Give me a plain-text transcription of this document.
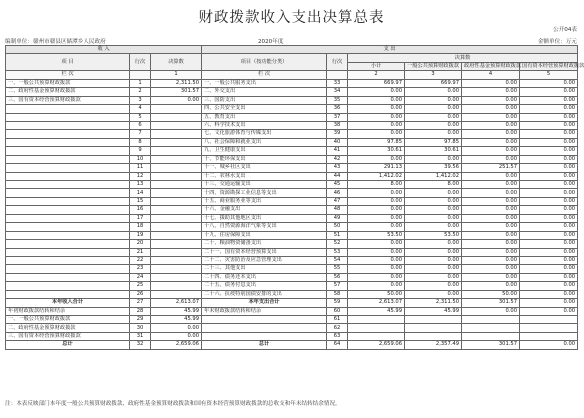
财政拨款收入支出决算总表
公开04表
编制单位：赣州市赣县区储潭乡人民政府	2020年度	金额单位：万元
收 入			支 出					
项 目	行次	决算数	项目（按功能分类）	行次	决算数			
					小计	一般公共预算财政拨款	政府性基金预算财政拨款	国有资本经营预算财政拨款

栏 次		1	栏 次		2	3	4	5
一、一般公共预算财政拨款	1	2,311.50	一、一般公共服务支出	33	669.97	669.97	0.00	0.00
二、政府性基金预算财政拨款	2	301.57	二、外交支出	34	0.00	0.00	0.00	0.00
三、国有资本经营预算财政拨款	3	0.00	三、国防支出	35	0.00	0.00	0.00	0.00
	4		四、公共安全支出	36	0.00	0.00	0.00	0.00
	5		五、教育支出	37	0.00	0.00	0.00	0.00
	6		六、科学技术支出	38	0.00	0.00	0.00	0.00
	7		七、文化旅游体育与传媒支出	39	0.00	0.00	0.00	0.00
	8		八、社会保障和就业支出	40	97.85	97.85	0.00	0.00
	9		九、卫生健康支出	41	30.61	30.61	0.00	0.00
	10		十、节能环保支出	42	0.00	0.00	0.00	0.00
	11		十一、城乡社区支出	43	291.13	39.56	251.57	0.00
	12		十二、农林水支出	44	1,412.02	1,412.02	0.00	0.00
	13		十三、交通运输支出	45	8.00	8.00	0.00	0.00
	14		十四、资源勘探工业信息等支出	46	0.00	0.00	0.00	0.00
	15		十五、商业服务业等支出	47	0.00	0.00	0.00	0.00
	16		十六、金融支出	48	0.00	0.00	0.00	0.00
	17		十七、援助其他地区支出	49	0.00	0.00	0.00	0.00
	18		十八、自然资源海洋气象等支出	50	0.00	0.00	0.00	0.00
	19		十九、住房保障支出	51	53.50	53.50	0.00	0.00
	20		二十、粮油物资储备支出	52	0.00	0.00	0.00	0.00
	21		二十一、国有资本经营预算支出	53	0.00	0.00	0.00	0.00
	22		二十二、灾害防治及应急管理支出	54	0.00	0.00	0.00	0.00
	23		二十三、其他支出	55	0.00	0.00	0.00	0.00
	24		二十四、债务还本支出	56	0.00	0.00	0.00	0.00
	25		二十五、债务付息支出	57	0.00	0.00	0.00	0.00
	26		二十六、抗疫特别国债安排的支出	58	50.00	0.00	50.00	0.00
本年收入合计	27	2,613.07	本年支出合计	59	2,613.07	2,311.50	301.57	0.00
年初财政拨款结转和结余	28	45.99	年末财政拨款结转和结余	60	45.99	45.99	0.00	0.00
一、一般公共预算财政拨款	29	45.99		61				
二、政府性基金预算财政拨款	30	0.00		62				
三、国有资本经营预算财政拨款	31	0.00		63				
总计	32	2,659.06	总计	64	2,659.06	2,357.49	301.57	0.00
注：本表反映部门本年度一般公共预算财政拨款、政府性基金预算财政拨款和国有资本经营预算财政拨款的总收支和年末结转结余情况。
